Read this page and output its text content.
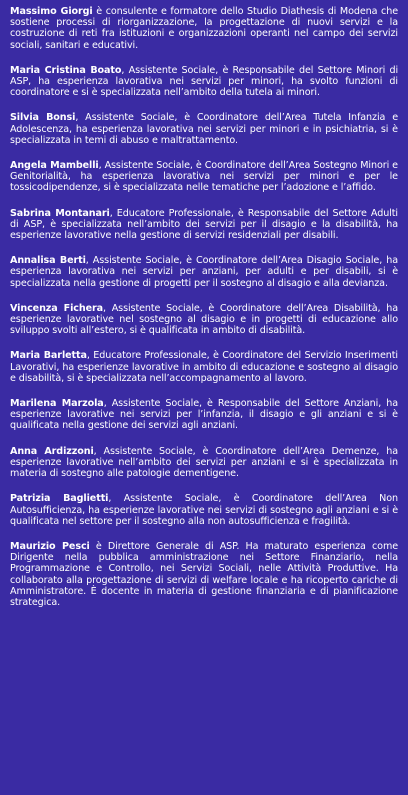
Massimo Giorgi è consulente e formatore dello Studio Diathesis di Modena che sostiene processi di riorganizzazione, la progettazione di nuovi servizi e la costruzione di reti fra istituzioni e organizzazioni operanti nel campo dei servizi sociali, sanitari e educativi.

Maria Cristina Boato, Assistente Sociale, è Responsabile del Settore Minori di ASP, ha esperienza lavorativa nei servizi per minori, ha svolto funzioni di coordinatore e si è specializzata nell’ambito della tutela ai minori.

Silvia Bonsi, Assistente Sociale, è Coordinatore dell’Area Tutela Infanzia e Adolescenza, ha esperienza lavorativa nei servizi per minori e in psichiatria, si è specializzata in temi di abuso e maltrattamento.

Angela Mambelli, Assistente Sociale, è Coordinatore dell’Area Sostegno Minori e Genitorialità, ha esperienza lavorativa nei servizi per minori e per le tossicodipendenze, si è specializzata nelle tematiche per l’adozione e l’affido.

Sabrina Montanari, Educatore Professionale, è Responsabile del Settore Adulti di ASP, è specializzata nell’ambito dei servizi per il disagio e la disabilità, ha esperienze lavorative nella gestione di servizi residenziali per disabili.

Annalisa Berti, Assistente Sociale, è Coordinatore dell’Area Disagio Sociale, ha esperienza lavorativa nei servizi per anziani, per adulti e per disabili, si è specializzata nella gestione di progetti per il sostegno al disagio e alla devianza.

Vincenza Fichera, Assistente Sociale, è Coordinatore dell’Area Disabilità, ha esperienze lavorative nel sostegno al disagio e in progetti di educazione allo sviluppo svolti all’estero, si è qualificata in ambito di disabilità.

Maria Barletta, Educatore Professionale, è Coordinatore del Servizio Inserimenti Lavorativi, ha esperienze lavorative in ambito di educazione e sostegno al disagio e disabilità, si è specializzata nell’accompagnamento al lavoro.

Marilena Marzola, Assistente Sociale, è Responsabile del Settore Anziani, ha esperienze lavorative nei servizi per l’infanzia, il disagio e gli anziani e si è qualificata nella gestione dei servizi agli anziani.

Anna Ardizzoni, Assistente Sociale, è Coordinatore dell’Area Demenze, ha esperienze lavorative nell’ambito dei servizi per anziani e si è specializzata in materia di sostegno alle patologie dementigene.

Patrizia Baglietti, Assistente Sociale, è Coordinatore dell’Area Non Autosufficienza, ha esperienze lavorative nei servizi di sostegno agli anziani e si è qualificata nel settore per il sostegno alla non autosufficienza e fragilità.

Maurizio Pesci è Direttore Generale di ASP. Ha maturato esperienza come Dirigente nella pubblica amministrazione nei Settore Finanziario, nella Programmazione e Controllo, nei Servizi Sociali, nelle Attività Produttive. Ha collaborato alla progettazione di servizi di welfare locale e ha ricoperto cariche di Amministratore. È docente in materia di gestione finanziaria e di pianificazione strategica.
